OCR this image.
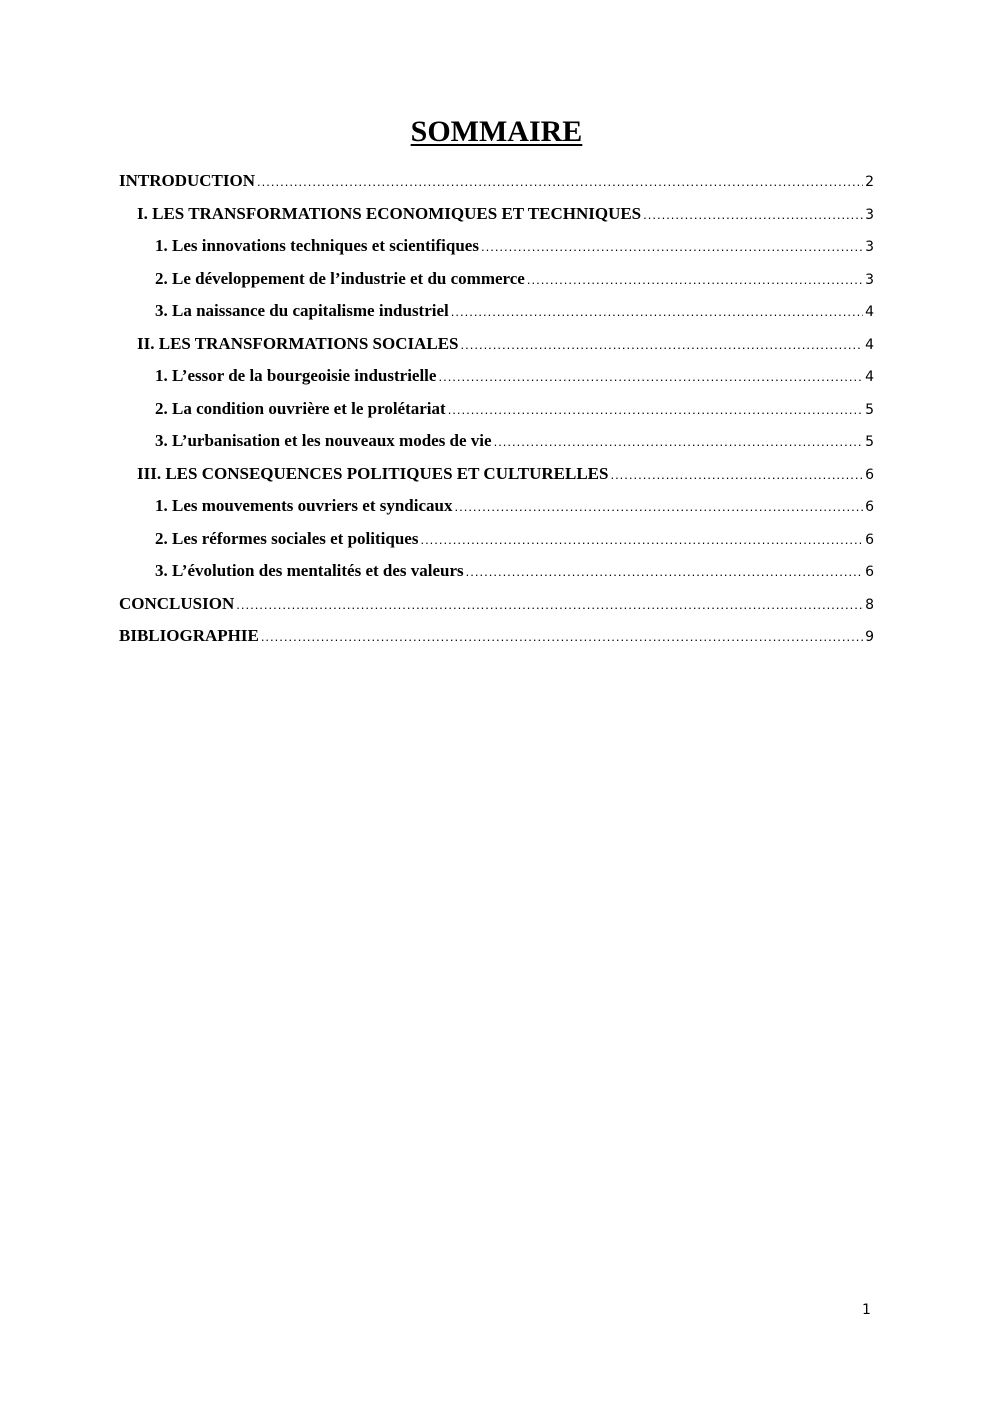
SOMMAIRE
INTRODUCTION .....	2
I. LES TRANSFORMATIONS ECONOMIQUES ET TECHNIQUES .....	3
1. Les innovations techniques et scientifiques .....	3
2. Le développement de l’industrie et du commerce .....	3
3. La naissance du capitalisme industriel .....	4
II. LES TRANSFORMATIONS SOCIALES .....	4
1. L’essor de la bourgeoisie industrielle .....	4
2. La condition ouvrière et le prolétariat .....	5
3. L’urbanisation et les nouveaux modes de vie .....	5
III. LES CONSEQUENCES POLITIQUES ET CULTURELLES .....	6
1. Les mouvements ouvriers et syndicaux .....	6
2. Les réformes sociales et politiques .....	6
3. L’évolution des mentalités et des valeurs .....	6
CONCLUSION .....	8
BIBLIOGRAPHIE .....	9
1
